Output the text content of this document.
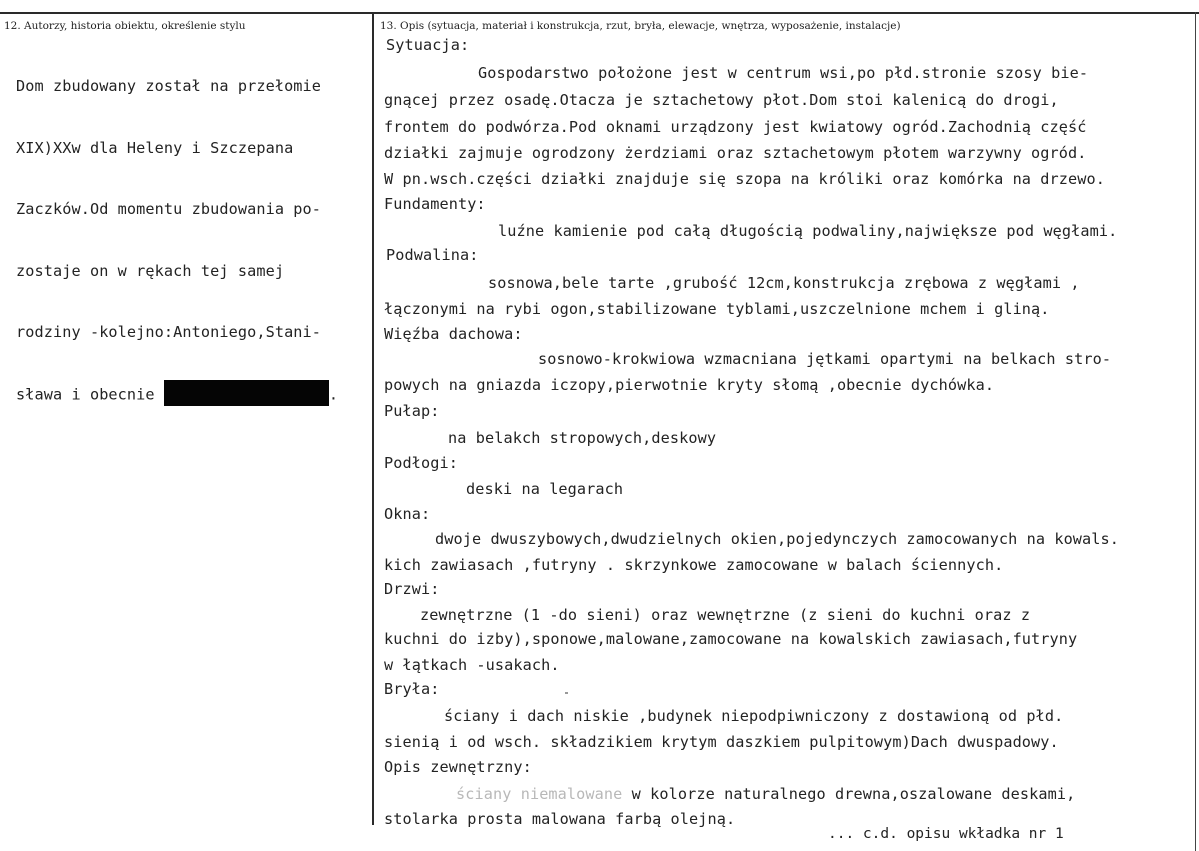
12. Autorzy, historia obiektu, określenie stylu	13. Opis (sytuacja, materiał i konstrukcja, rzut, bryła, elewacje, wnętrza, wyposażenie, instalacje)

Dom zbudowany został na przełomie

XIX)XXw dla Heleny i Szczepana

Zaczków.Od momentu zbudowania po-

zostaje on w rękach tej samej

rodziny -kolejno:Antoniego,Stani-

sława i obecnie	.

Sytuacja:

Gospodarstwo położone jest w centrum wsi,po płd.stronie szosy bie-

gnącej przez osadę.Otacza je sztachetowy płot.Dom stoi kalenicą do drogi,

frontem do podwórza.Pod oknami urządzony jest kwiatowy ogród.Zachodnią część

działki zajmuje ogrodzony żerdziami oraz sztachetowym płotem warzywny ogród.

W pn.wsch.części działki znajduje się szopa na króliki oraz komórka na drzewo.

Fundamenty:

luźne kamienie pod całą długością podwaliny,największe pod węgłami.

Podwalina:

sosnowa,bele tarte ,grubość 12cm,konstrukcja zrębowa z węgłami ,

łączonymi na rybi ogon,stabilizowane tyblami,uszczelnione mchem i gliną.

Więźba dachowa:

sosnowo-krokwiowa wzmacniana jętkami opartymi na belkach stro-

powych na gniazda iczopy,pierwotnie kryty słomą ,obecnie dychówka.

Pułap:

na belakch stropowych,deskowy

Podłogi:

deski na legarach

Okna:

dwoje dwuszybowych,dwudzielnych okien,pojedynczych zamocowanych na kowals.

kich zawiasach ,futryny . skrzynkowe zamocowane w balach ściennych.

Drzwi:

zewnętrzne (1 -do sieni) oraz wewnętrzne (z sieni do kuchni oraz z

kuchni do izby),sponowe,malowane,zamocowane na kowalskich zawiasach,futryny

w łątkach -usakach.

Bryła:

ściany i dach niskie ,budynek niepodpiwniczony z dostawioną od płd.

sienią i od wsch. składzikiem krytym daszkiem pulpitowym)Dach dwuspadowy.

Opis zewnętrzny:

ściany niemalowane w kolorze naturalnego drewna,oszalowane deskami,

stolarka prosta malowana farbą olejną.

... c.d. opisu wkładka nr 1
